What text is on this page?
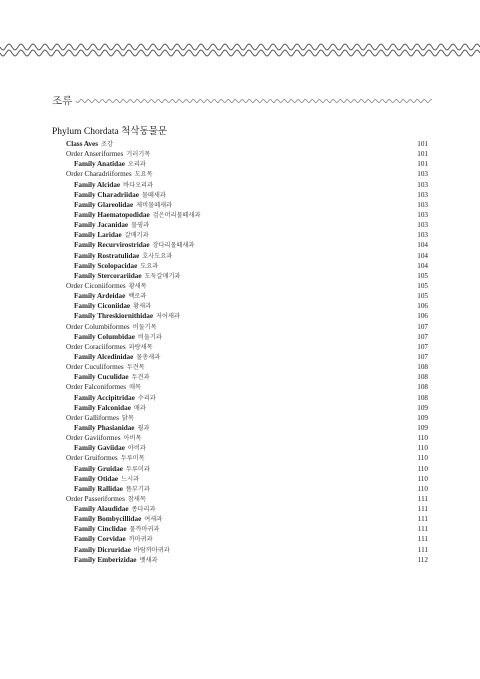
조류
Phylum Chordata 척삭동물문
Class Aves 조강	101
Order Anseriformes 기러기목	101
Family Anatidae 오리과	101
Order Charadriiformes 도요목	103
Family Alcidae 바다오리과	103
Family Charadriidae 물떼새과	103
Family Glareolidae 제비물떼새과	103
Family Haematopodidae 검은머리물떼새과	103
Family Jacanidae 물꿩과	103
Family Laridae 갈매기과	103
Family Recurvirostridae 장다리물떼새과	104
Family Rostratulidae 호사도요과	104
Family Scolopacidae 도요과	104
Family Stercorariidae 도둑갈매기과	105
Order Ciconiiformes 황새목	105
Family Ardeidae 백로과	105
Family Ciconiidae 황새과	106
Family Threskiornithidae 저어새과	106
Order Columbiformes 비둘기목	107
Family Columbidae 비둘기과	107
Order Coraciiformes 파랑새목	107
Family Alcedinidae 물총새과	107
Order Cuculiformes 두견목	108
Family Cuculidae 두견과	108
Order Falconiformes 매목	108
Family Accipitridae 수리과	108
Family Falconidae 매과	109
Order Galliformes 닭목	109
Family Phasianidae 꿩과	109
Order Gaviiformes 아비목	110
Family Gaviidae 아비과	110
Order Gruiformes 두루미목	110
Family Gruidae 두루미과	110
Family Otidae 느시과	110
Family Rallidae 뜸부기과	110
Order Passeriformes 참새목	111
Family Alaudidae 종다리과	111
Family Bombycillidae 여새과	111
Family Cinclidae 물까마귀과	111
Family Corvidae 까마귀과	111
Family Dicruridae 바람까마귀과	111
Family Emberizidae 멧새과	112
